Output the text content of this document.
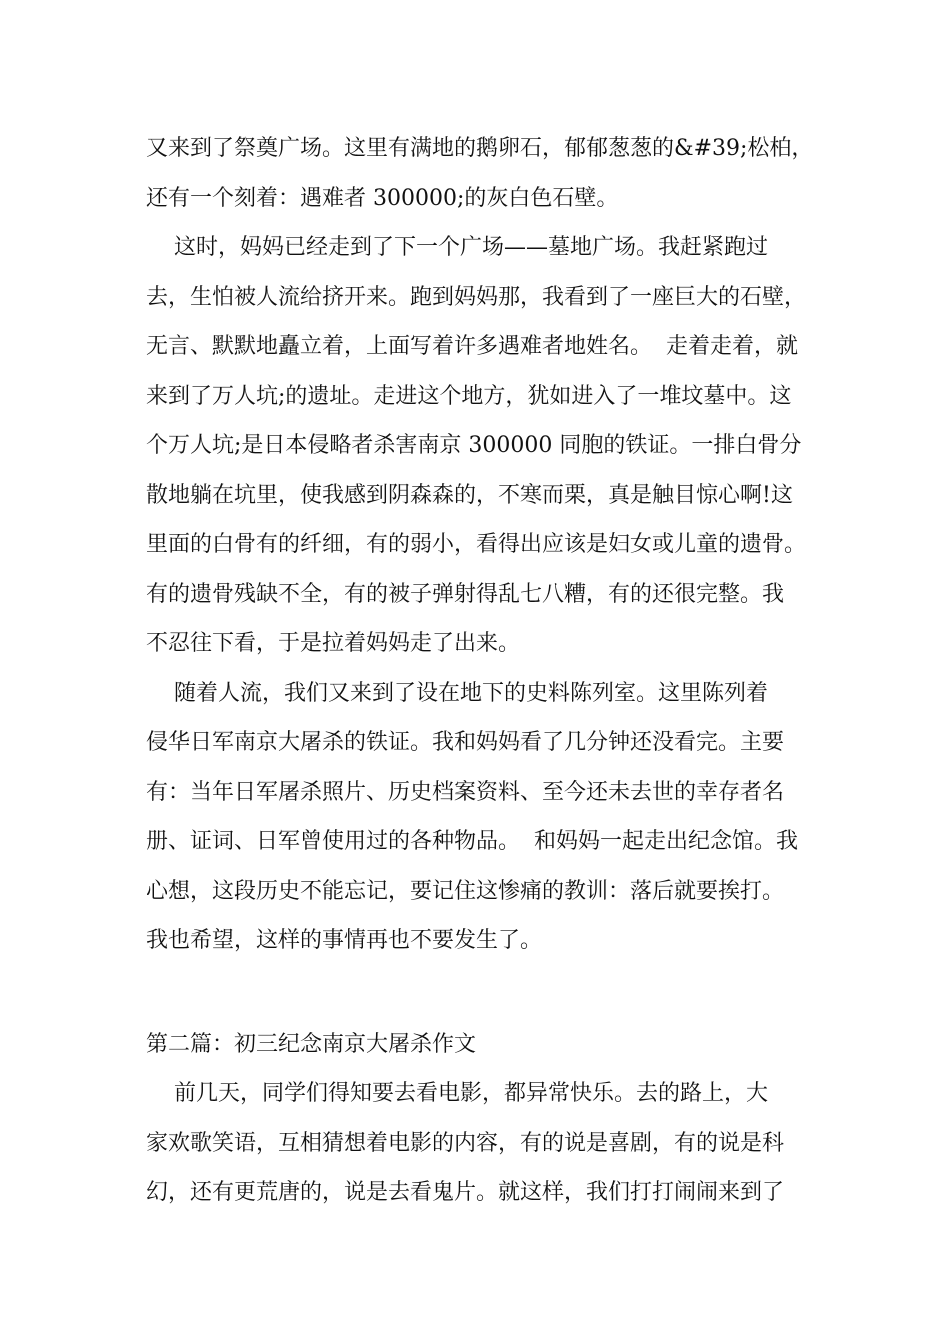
又来到了祭奠广场。这里有满地的鹅卵石，郁郁葱葱的&#39;松柏，
还有一个刻着：遇难者 300000;的灰白色石壁。
这时，妈妈已经走到了下一个广场——墓地广场。我赶紧跑过
去，生怕被人流给挤开来。跑到妈妈那，我看到了一座巨大的石壁，
无言、默默地矗立着，上面写着许多遇难者地姓名。  走着走着，就
来到了万人坑;的遗址。走进这个地方，犹如进入了一堆坟墓中。这
个万人坑;是日本侵略者杀害南京 300000 同胞的铁证。一排白骨分
散地躺在坑里，使我感到阴森森的，不寒而栗，真是触目惊心啊!这
里面的白骨有的纤细，有的弱小，看得出应该是妇女或儿童的遗骨。
有的遗骨残缺不全，有的被子弹射得乱七八糟，有的还很完整。我
不忍往下看，于是拉着妈妈走了出来。
随着人流，我们又来到了设在地下的史料陈列室。这里陈列着
侵华日军南京大屠杀的铁证。我和妈妈看了几分钟还没看完。主要
有：当年日军屠杀照片、历史档案资料、至今还未去世的幸存者名
册、证词、日军曾使用过的各种物品。  和妈妈一起走出纪念馆。我
心想，这段历史不能忘记，要记住这惨痛的教训：落后就要挨打。
我也希望，这样的事情再也不要发生了。
第二篇：初三纪念南京大屠杀作文
前几天，同学们得知要去看电影，都异常快乐。去的路上，大
家欢歌笑语，互相猜想着电影的内容，有的说是喜剧，有的说是科
幻，还有更荒唐的，说是去看鬼片。就这样，我们打打闹闹来到了
